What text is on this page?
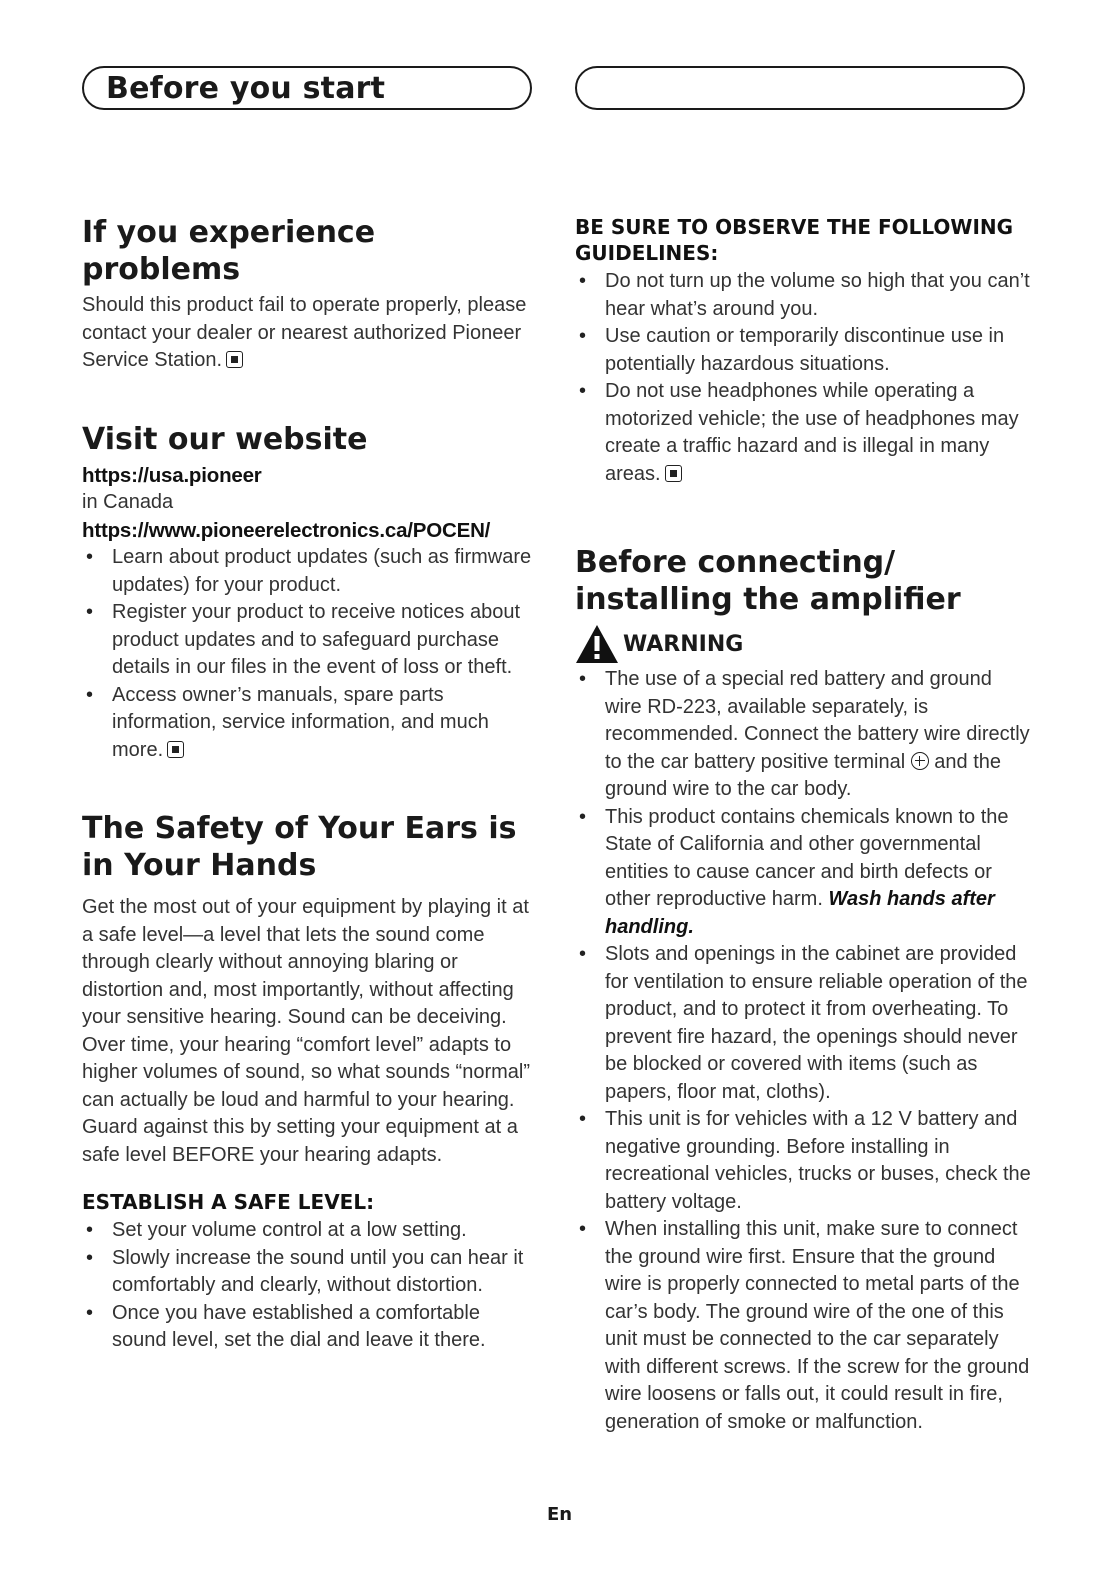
Before you start
If you experience problems

Should this product fail to operate properly, please contact your dealer or nearest authorized Pioneer Service Station.

Visit our website
https://usa.pioneer

in Canada

https://www.pioneerelectronics.ca/POCEN/
• Learn about product updates (such as firmware updates) for your product.
• Register your product to receive notices about product updates and to safeguard purchase details in our files in the event of loss or theft.
• Access owner’s manuals, spare parts information, service information, and much more.
The Safety of Your Ears is in Your Hands

Get the most out of your equipment by playing it at a safe level—a level that lets the sound come through clearly without annoying blaring or distortion and, most importantly, without affecting your sensitive hearing. Sound can be deceiving. Over time, your hearing “comfort level” adapts to higher volumes of sound, so what sounds “normal” can actually be loud and harmful to your hearing. Guard against this by setting your equipment at a safe level BEFORE your hearing adapts.

ESTABLISH A SAFE LEVEL:
• Set your volume control at a low setting.
• Slowly increase the sound until you can hear it comfortably and clearly, without distortion.
• Once you have established a comfortable sound level, set the dial and leave it there.
BE SURE TO OBSERVE THE FOLLOWING GUIDELINES:
• Do not turn up the volume so high that you can’t hear what’s around you.
• Use caution or temporarily discontinue use in potentially hazardous situations.
• Do not use headphones while operating a motorized vehicle; the use of headphones may create a traffic hazard and is illegal in many areas.
Before connecting/ installing the amplifier
WARNING
• The use of a special red battery and ground wire RD-223, available separately, is recommended. Connect the battery wire directly to the car battery positive terminal and the ground wire to the car body.
• This product contains chemicals known to the State of California and other governmental entities to cause cancer and birth defects or other reproductive harm. Wash hands after handling.
• Slots and openings in the cabinet are provided for ventilation to ensure reliable operation of the product, and to protect it from overheating. To prevent fire hazard, the openings should never be blocked or covered with items (such as papers, floor mat, cloths).
• This unit is for vehicles with a 12 V battery and negative grounding. Before installing in recreational vehicles, trucks or buses, check the battery voltage.
• When installing this unit, make sure to connect the ground wire first. Ensure that the ground wire is properly connected to metal parts of the car’s body. The ground wire of the one of this unit must be connected to the car separately with different screws. If the screw for the ground wire loosens or falls out, it could result in fire, generation of smoke or malfunction.
En
